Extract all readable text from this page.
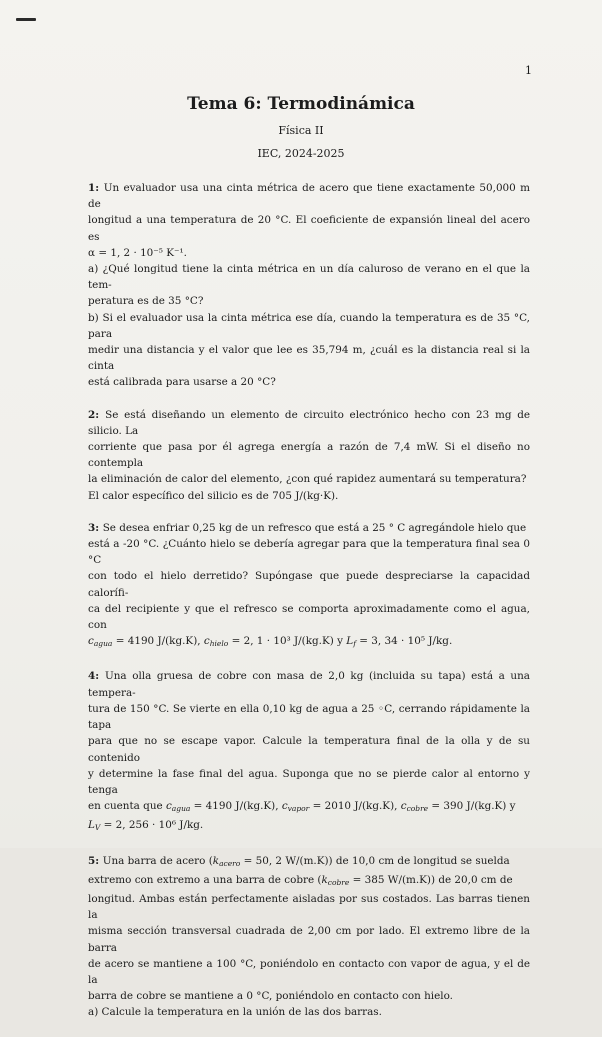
1
Tema 6: Termodinámica
Física II
IEC, 2024-2025
1: Un evaluador usa una cinta métrica de acero que tiene exactamente 50,000 m de
longitud a una temperatura de 20 °C. El coeficiente de expansión lineal del acero es
α = 1, 2 · 10⁻⁵ K⁻¹.
a) ¿Qué longitud tiene la cinta métrica en un día caluroso de verano en el que la tem-
peratura es de 35 °C?
b) Si el evaluador usa la cinta métrica ese día, cuando la temperatura es de 35 °C, para
medir una distancia y el valor que lee es 35,794 m, ¿cuál es la distancia real si la cinta
está calibrada para usarse a 20 °C?
2: Se está diseñando un elemento de circuito electrónico hecho con 23 mg de silicio. La
corriente que pasa por él agrega energía a razón de 7,4 mW. Si el diseño no contempla
la eliminación de calor del elemento, ¿con qué rapidez aumentará su temperatura?
El calor específico del silicio es de 705 J/(kg·K).
3: Se desea enfriar 0,25 kg de un refresco que está a 25 ° C agregándole hielo que
está a -20 °C. ¿Cuánto hielo se debería agregar para que la temperatura final sea 0 °C
con todo el hielo derretido? Supóngase que puede despreciarse la capacidad calorífi-
ca del recipiente y que el refresco se comporta aproximadamente como el agua, con
$c_{agua} = 4190$ J/(kg.K), $c_{hielo} = 2$, 1 · 10³ J/(kg.K) y $L_f = 3$, 34 · 10⁵ J/kg.
4: Una olla gruesa de cobre con masa de 2,0 kg (incluida su tapa) está a una tempera-
tura de 150 °C. Se vierte en ella 0,10 kg de agua a 25 ◦C, cerrando rápidamente la tapa
para que no se escape vapor. Calcule la temperatura final de la olla y de su contenido
y determine la fase final del agua. Suponga que no se pierde calor al entorno y tenga
en cuenta que $c_{agua} = 4190$ J/(kg.K), $c_{vapor} = 2010$ J/(kg.K), $c_{cobre} = 390$ J/(kg.K) y
$L_V = 2$, 256 · 10⁶ J/kg.
5: Una barra de acero ($k_{acero} = 50$, 2 W/(m.K)) de 10,0 cm de longitud se suelda
extremo con extremo a una barra de cobre ($k_{cobre} = 385$ W/(m.K)) de 20,0 cm de
longitud. Ambas están perfectamente aisladas por sus costados. Las barras tienen la
misma sección transversal cuadrada de 2,00 cm por lado. El extremo libre de la barra
de acero se mantiene a 100 °C, poniéndolo en contacto con vapor de agua, y el de la
barra de cobre se mantiene a 0 °C, poniéndolo en contacto con hielo.
a) Calcule la temperatura en la unión de las dos barras.
